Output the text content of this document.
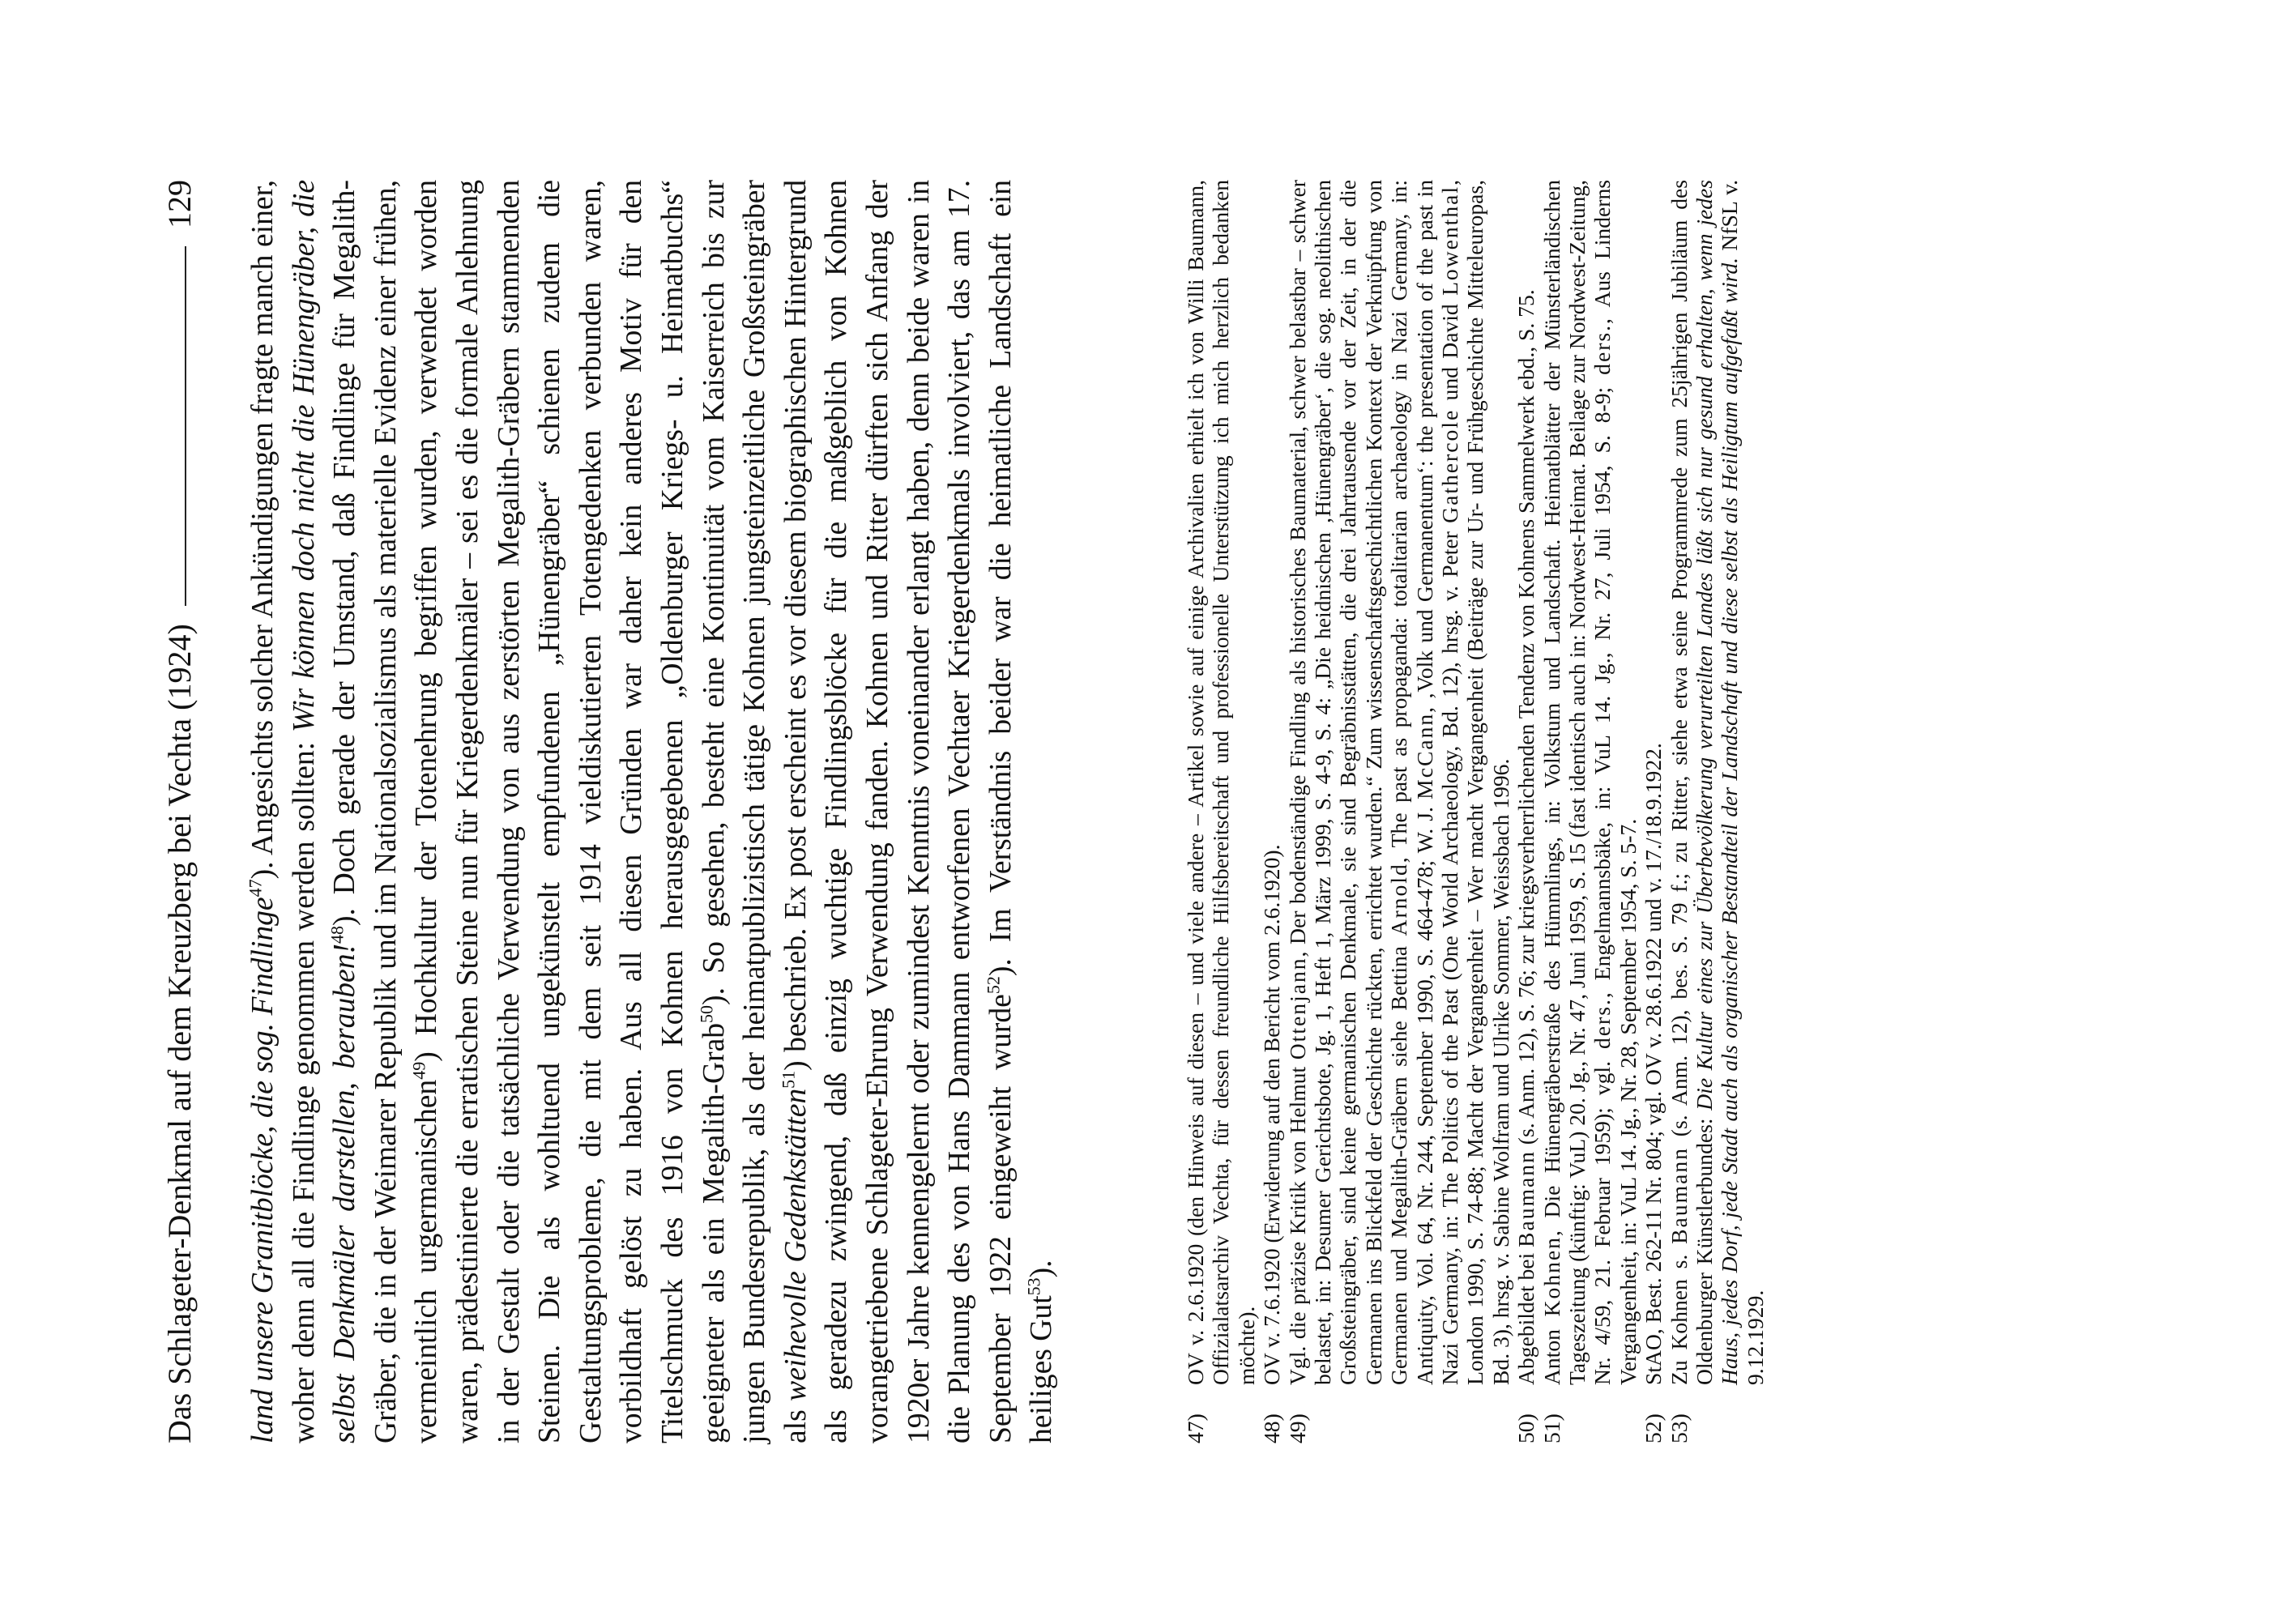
Das Schlageter-Denkmal auf dem Kreuzberg bei Vechta (1924)
129

land unsere Granitblöcke, die sog. Findlinge$^{47}$). Angesichts solcher Ankündigungen fragte manch einer, woher denn all die Findlinge genommen werden sollten: Wir können doch nicht die Hünengräber, die selbst Denkmäler darstellen, berauben!$^{48}$). Doch gerade der Umstand, daß Findlinge für Megalith-Gräber, die in der Weimarer Republik und im Nationalsozialismus als materielle Evidenz einer frühen, vermeintlich urgermanischen$^{49}$) Hochkultur der Totenehrung begriffen wurden, verwendet worden waren, prädestinierte die erratischen Steine nun für Kriegerdenkmäler – sei es die formale Anlehnung in der Gestalt oder die tatsächliche Verwendung von aus zerstörten Megalith-Gräbern stammenden Steinen. Die als wohltuend ungekünstelt empfundenen „Hünengräber“ schienen zudem die Gestaltungsprobleme, die mit dem seit 1914 vieldiskutierten Totengedenken verbunden waren, vorbildhaft gelöst zu haben. Aus all diesen Gründen war daher kein anderes Motiv für den Titelschmuck des 1916 von Kohnen herausgegebenen „Oldenburger Kriegs- u. Heimatbuchs“ geeigneter als ein Megalith-Grab$^{50}$). So gesehen, besteht eine Kontinuität vom Kaiserreich bis zur jungen Bundesrepublik, als der heimatpublizistisch tätige Kohnen jungsteinzeitliche Großsteingräber als weihevolle Gedenkstätten$^{51}$) beschrieb. Ex post erscheint es vor diesem biographischen Hintergrund als geradezu zwingend, daß einzig wuchtige Findlingsblöcke für die maßgeblich von Kohnen vorangetriebene Schlageter-Ehrung Verwendung fanden. Kohnen und Ritter dürften sich Anfang der 1920er Jahre kennengelernt oder zumindest Kenntnis voneinander erlangt haben, denn beide waren in die Planung des von Hans Dammann entworfenen Vechtaer Kriegerdenkmals involviert, das am 17. September 1922 eingeweiht wurde$^{52}$). Im Verständnis beider war die heimatliche Landschaft ein heiliges Gut$^{53}$).

47)
OV v. 2.6.1920 (den Hinweis auf diesen – und viele andere – Artikel sowie auf einige Archivalien erhielt ich von Willi Baumann, Offizialatsarchiv Vechta, für dessen freundliche Hilfsbereitschaft und professionelle Unterstützung ich mich herzlich bedanken möchte).
48)
OV v. 7.6.1920 (Erwiderung auf den Bericht vom 2.6.1920).
49)
Vgl. die präzise Kritik von Helmut Ottenjann, Der bodenständige Findling als historisches Baumaterial, schwer belastbar – schwer belastet, in: Desumer Gerichtsbote, Jg. 1, Heft 1, März 1999, S. 4-9, S. 4: „Die heidnischen ‚Hünengräber‘, die sog. neolithischen Großsteingräber, sind keine germanischen Denkmale, sie sind Begräbnisstätten, die drei Jahrtausende vor der Zeit, in der die Germanen ins Blickfeld der Geschichte rückten, errichtet wurden.“ Zum wissenschaftsgeschichtlichen Kontext der Verknüpfung von Germanen und Megalith-Gräbern siehe Bettina Arnold, The past as propaganda: totalitarian archaeology in Nazi Germany, in: Antiquity, Vol. 64, Nr. 244, September 1990, S. 464-478; W. J. McCann, ‚Volk und Germanentum‘: the presentation of the past in Nazi Germany, in: The Politics of the Past (One World Archaeology, Bd. 12), hrsg. v. Peter Gathercole und David Lowenthal, London 1990, S. 74-88; Macht der Vergangenheit – Wer macht Vergangenheit (Beiträge zur Ur- und Frühgeschichte Mitteleuropas, Bd. 3), hrsg. v. Sabine Wolfram und Ulrike Sommer, Weissbach 1996.
50)
Abgebildet bei Baumann (s. Anm. 12), S. 76; zur kriegsverherrlichenden Tendenz von Kohnens Sammelwerk ebd., S. 75.
51)
Anton Kohnen, Die Hünengräberstraße des Hümmlings, in: Volkstum und Landschaft. Heimatblätter der Münsterländischen Tageszeitung (künftig: VuL) 20. Jg., Nr. 47, Juni 1959, S. 15 (fast identisch auch in: Nordwest-Heimat. Beilage zur Nordwest-Zeitung, Nr. 4/59, 21. Februar 1959); vgl. ders., Engelmannsbäke, in: VuL 14. Jg., Nr. 27, Juli 1954, S. 8-9; ders., Aus Linderns Vergangenheit, in: VuL 14. Jg., Nr. 28, September 1954, S. 5-7.
52)
StAO, Best. 262-11 Nr. 804; vgl. OV v. 28.6.1922 und v. 17./18.9.1922.
53)
Zu Kohnen s. Baumann (s. Anm. 12), bes. S. 79 f.; zu Ritter, siehe etwa seine Programmrede zum 25jährigen Jubiläum des Oldenburger Künstlerbundes: Die Kultur eines zur Überbevölkerung verurteilten Landes läßt sich nur gesund erhalten, wenn jedes Haus, jedes Dorf, jede Stadt auch als organischer Bestandteil der Landschaft und diese selbst als Heiligtum aufgefaßt wird. NfSL v. 9.12.1929.
